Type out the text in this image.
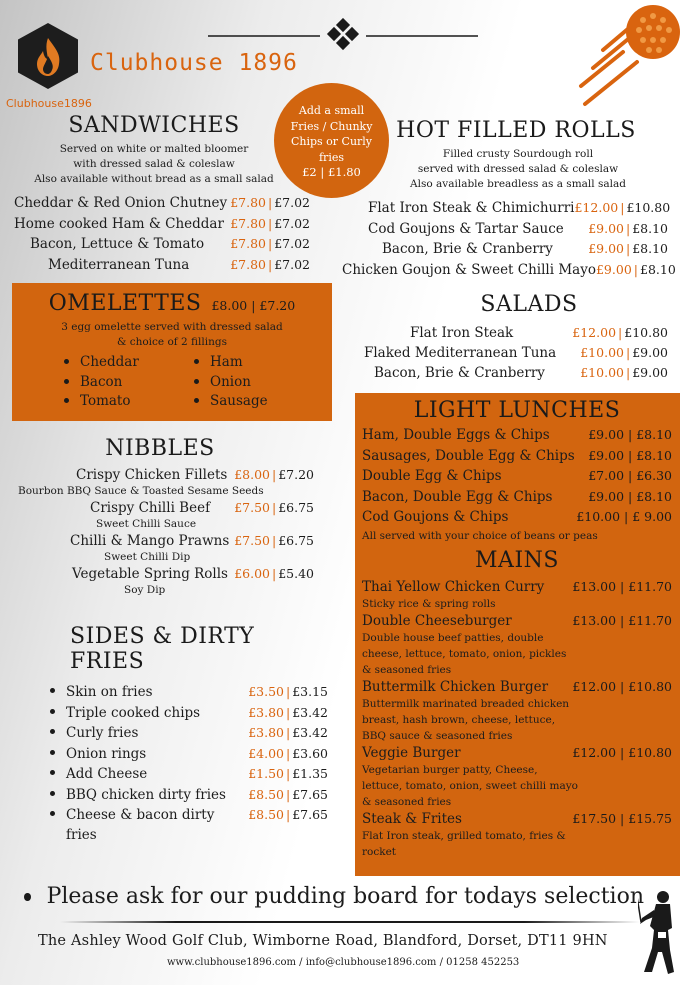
Clubhouse 1896
Clubhouse1896
Add a small Fries / Chunky Chips or Curly fries
£2 | £1.80
SANDWICHES
Served on white or malted bloomer
with dressed salad & coleslaw
Also available without bread as a small salad
Cheddar & Red Onion Chutney £7.80 | £7.02
Home cooked Ham & Cheddar £7.80 | £7.02
Bacon, Lettuce & Tomato £7.80 | £7.02
Mediterranean Tuna	£7.80 | £7.02
HOT FILLED ROLLS
Filled crusty Sourdough roll
served with dressed salad & coleslaw
Also available breadless as a small salad
Flat Iron Steak & Chimichurri £12.00 | £10.80
Cod Goujons & Tartar Sauce £9.00 | £8.10
Bacon, Brie & Cranberry	£9.00 | £8.10
Chicken Goujon & Sweet Chilli Mayo £9.00 | £8.10
OMELETTES £8.00 | £7.20
3 egg omelette served with dressed salad
& choice of 2 fillings
Cheddar
Bacon
Tomato
Ham
Onion
Sausage
SALADS
Flat Iron Steak	£12.00 | £10.80
Flaked Mediterranean Tuna £10.00 | £9.00
Bacon, Brie & Cranberry	£10.00 | £9.00
LIGHT LUNCHES
Ham, Double Eggs & Chips	£9.00 | £8.10
Sausages, Double Egg & Chips £9.00 | £8.10
Double Egg & Chips	£7.00 | £6.30
Bacon, Double Egg & Chips	£9.00 | £8.10
Cod Goujons & Chips	£10.00 | £ 9.00
All served with your choice of beans or peas
MAINS
Thai Yellow Chicken Curry £13.00 | £11.70
Sticky rice & spring rolls
Double Cheeseburger	£13.00 | £11.70
Double house beef patties, double
cheese, lettuce, tomato, onion, pickles
& seasoned fries
Buttermilk Chicken Burger £12.00 | £10.80
Buttermilk marinated breaded chicken
breast, hash brown, cheese, lettuce,
BBQ sauce & seasoned fries
Veggie Burger	£12.00 | £10.80
Vegetarian burger patty, Cheese,
lettuce, tomato, onion, sweet chilli mayo
& seasoned fries
Steak & Frites	£17.50 | £15.75
Flat Iron steak, grilled tomato, fries &
rocket
NIBBLES
Crispy Chicken Fillets £8.00 | £7.20
Bourbon BBQ Sauce & Toasted Sesame Seeds
Crispy Chilli Beef £7.50 | £6.75
Sweet Chilli Sauce
Chilli & Mango Prawns £7.50 | £6.75
Sweet Chilli Dip
Vegetable Spring Rolls £6.00 | £5.40
Soy Dip
SIDES & DIRTY FRIES
Skin on fries	£3.50 | £3.15
Triple cooked chips	£3.80 | £3.42
Curly fries	£3.80 | £3.42
Onion rings	£4.00 | £3.60
Add Cheese	£1.50 | £1.35
BBQ chicken dirty fries £8.50 | £7.65
Cheese & bacon dirty fries
£8.50 | £7.65
Please ask for our pudding board for todays selection
The Ashley Wood Golf Club, Wimborne Road, Blandford, Dorset, DT11 9HN
www.clubhouse1896.com / info@clubhouse1896.com / 01258 452253
